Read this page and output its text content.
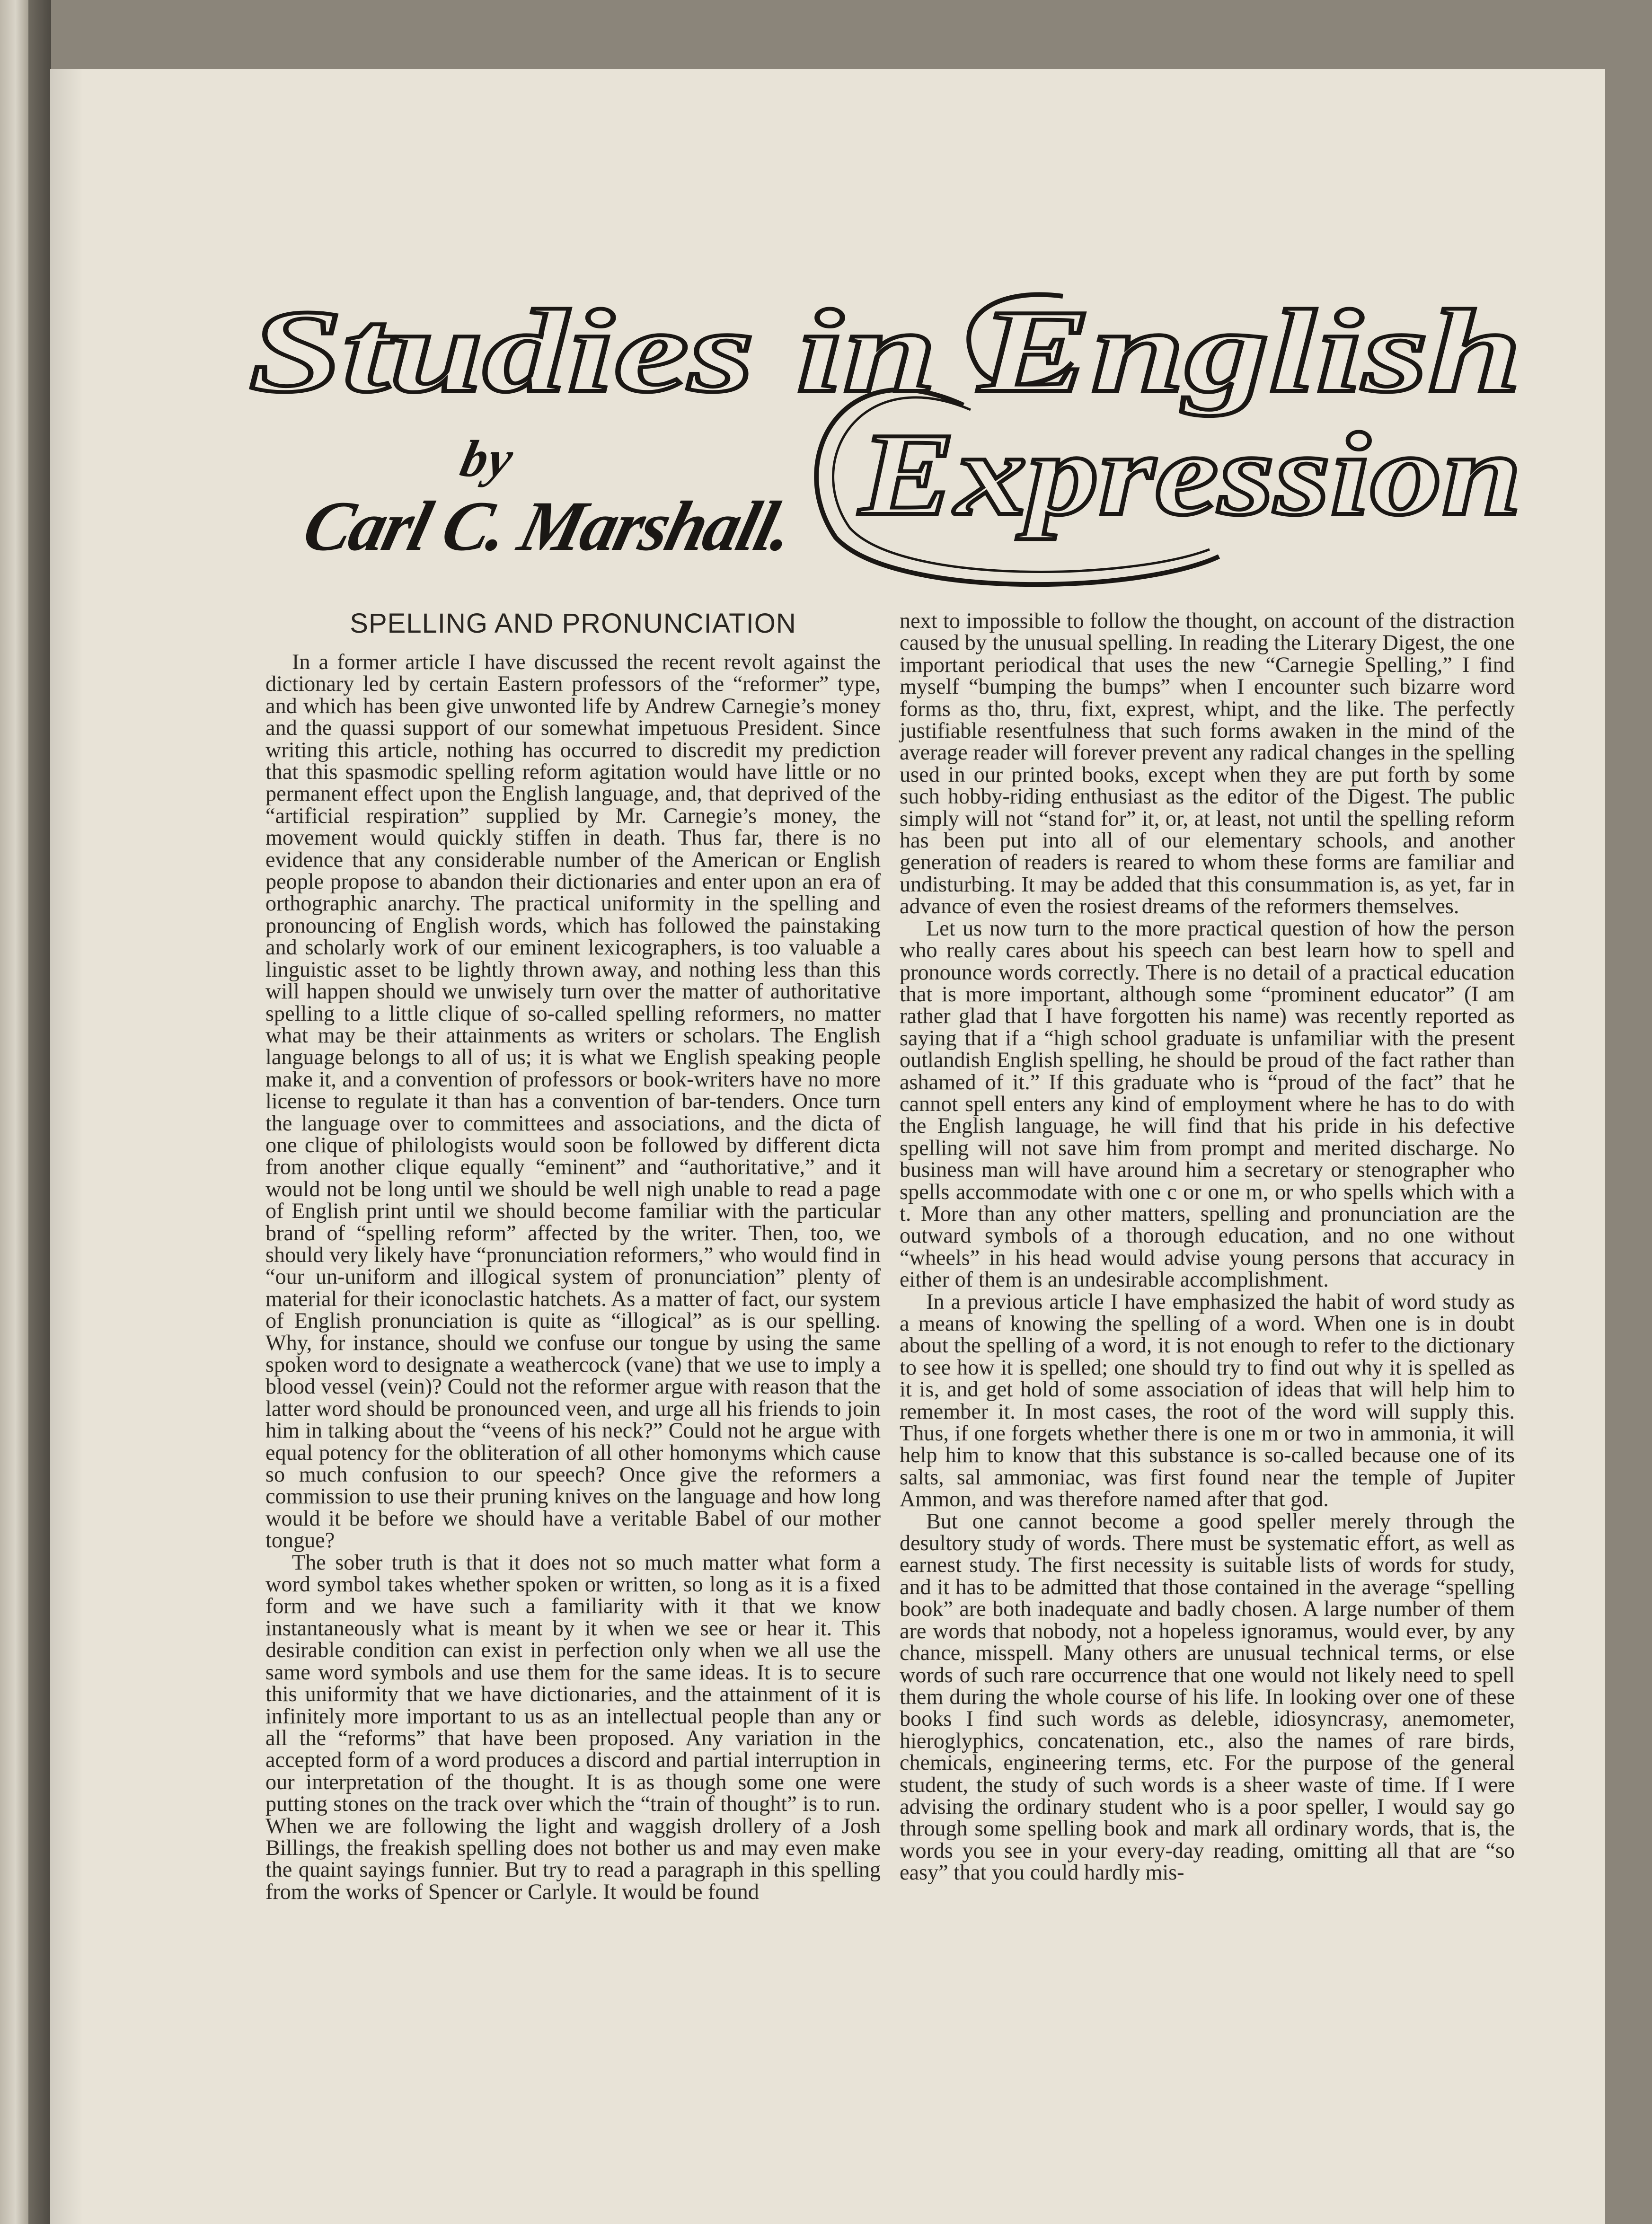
Studies in English
Expression
by
Carl C. Marshall.
SPELLING AND PRONUNCIATION

In a former article I have discussed the recent revolt against the dictionary led by certain Eastern professors of the “reformer” type, and which has been give unwonted life by Andrew Carnegie’s money and the quassi support of our somewhat impetuous President. Since writing this article, nothing has occurred to discredit my prediction that this spasmodic spelling reform agitation would have little or no permanent effect upon the English language, and, that deprived of the “artificial respiration” supplied by Mr. Carnegie’s money, the movement would quickly stiffen in death. Thus far, there is no evidence that any considerable number of the American or English people propose to abandon their dictionaries and enter upon an era of orthographic anarchy. The practical uniformity in the spelling and pronouncing of English words, which has followed the painstaking and scholarly work of our eminent lexicographers, is too valuable a linguistic asset to be lightly thrown away, and nothing less than this will happen should we unwisely turn over the matter of authoritative spelling to a little clique of so-called spelling reformers, no matter what may be their attainments as writers or scholars. The English language belongs to all of us; it is what we English speaking people make it, and a convention of professors or book-writers have no more license to regulate it than has a convention of bar-tenders. Once turn the language over to committees and associations, and the dicta of one clique of philologists would soon be followed by different dicta from another clique equally “eminent” and “authoritative,” and it would not be long until we should be well nigh unable to read a page of English print until we should become familiar with the particular brand of “spelling reform” affected by the writer. Then, too, we should very likely have “pronunciation reformers,” who would find in “our un-uniform and illogical system of pronunciation” plenty of material for their iconoclastic hatchets. As a matter of fact, our system of English pronunciation is quite as “illogical” as is our spelling. Why, for instance, should we confuse our tongue by using the same spoken word to designate a weathercock (vane) that we use to imply a blood vessel (vein)? Could not the reformer argue with reason that the latter word should be pronounced veen, and urge all his friends to join him in talking about the “veens of his neck?” Could not he argue with equal potency for the obliteration of all other homonyms which cause so much confusion to our speech? Once give the reformers a commission to use their pruning knives on the language and how long would it be before we should have a veritable Babel of our mother tongue?

The sober truth is that it does not so much matter what form a word symbol takes whether spoken or written, so long as it is a fixed form and we have such a familiarity with it that we know instantaneously what is meant by it when we see or hear it. This desirable condition can exist in perfection only when we all use the same word symbols and use them for the same ideas. It is to secure this uniformity that we have dictionaries, and the attainment of it is infinitely more important to us as an intellectual people than any or all the “reforms” that have been proposed. Any variation in the accepted form of a word produces a discord and partial interruption in our interpretation of the thought. It is as though some one were putting stones on the track over which the “train of thought” is to run. When we are following the light and waggish drollery of a Josh Billings, the freakish spelling does not bother us and may even make the quaint sayings funnier. But try to read a paragraph in this spelling from the works of Spencer or Carlyle. It would be found

next to impossible to follow the thought, on account of the distraction caused by the unusual spelling. In reading the Literary Digest, the one important periodical that uses the new “Carnegie Spelling,” I find myself “bumping the bumps” when I encounter such bizarre word forms as tho, thru, fixt, exprest, whipt, and the like. The perfectly justifiable resentfulness that such forms awaken in the mind of the average reader will forever prevent any radical changes in the spelling used in our printed books, except when they are put forth by some such hobby-riding enthusiast as the editor of the Digest. The public simply will not “stand for” it, or, at least, not until the spelling reform has been put into all of our elementary schools, and another generation of readers is reared to whom these forms are familiar and undisturbing. It may be added that this consummation is, as yet, far in advance of even the rosiest dreams of the reformers themselves.

Let us now turn to the more practical question of how the person who really cares about his speech can best learn how to spell and pronounce words correctly. There is no detail of a practical education that is more important, although some “prominent educator” (I am rather glad that I have forgotten his name) was recently reported as saying that if a “high school graduate is unfamiliar with the present outlandish English spelling, he should be proud of the fact rather than ashamed of it.” If this graduate who is “proud of the fact” that he cannot spell enters any kind of employment where he has to do with the English language, he will find that his pride in his defective spelling will not save him from prompt and merited discharge. No business man will have around him a secretary or stenographer who spells accommodate with one c or one m, or who spells which with a t. More than any other matters, spelling and pronunciation are the outward symbols of a thorough education, and no one without “wheels” in his head would advise young persons that accuracy in either of them is an undesirable accomplishment.

In a previous article I have emphasized the habit of word study as a means of knowing the spelling of a word. When one is in doubt about the spelling of a word, it is not enough to refer to the dictionary to see how it is spelled; one should try to find out why it is spelled as it is, and get hold of some association of ideas that will help him to remember it. In most cases, the root of the word will supply this. Thus, if one forgets whether there is one m or two in ammonia, it will help him to know that this substance is so-called because one of its salts, sal ammoniac, was first found near the temple of Jupiter Ammon, and was therefore named after that god.

But one cannot become a good speller merely through the desultory study of words. There must be systematic effort, as well as earnest study. The first necessity is suitable lists of words for study, and it has to be admitted that those contained in the average “spelling book” are both inadequate and badly chosen. A large number of them are words that nobody, not a hopeless ignoramus, would ever, by any chance, misspell. Many others are unusual technical terms, or else words of such rare occurrence that one would not likely need to spell them during the whole course of his life. In looking over one of these books I find such words as deleble, idiosyncrasy, anemometer, hieroglyphics, concatenation, etc., also the names of rare birds, chemicals, engineering terms, etc. For the purpose of the general student, the study of such words is a sheer waste of time. If I were advising the ordinary student who is a poor speller, I would say go through some spelling book and mark all ordinary words, that is, the words you see in your every-day reading, omitting all that are “so easy” that you could hardly mis-
